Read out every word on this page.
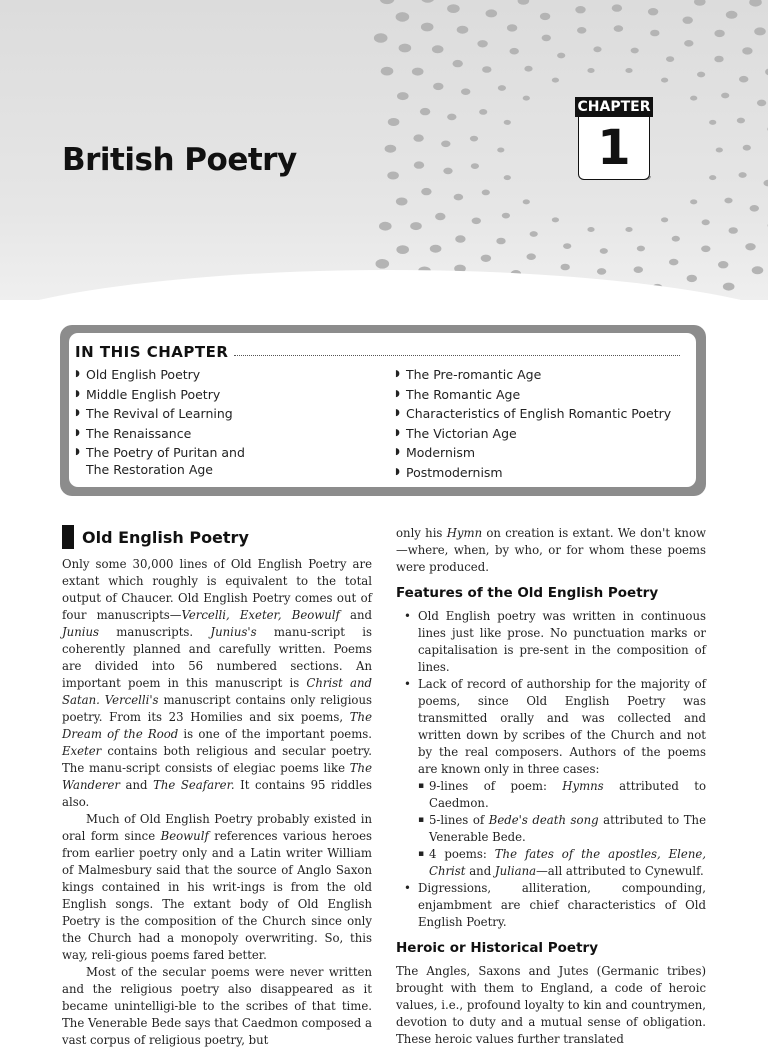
British Poetry
CHAPTER
1
IN THIS CHAPTER
◗ Old English Poetry
◗ Middle English Poetry
◗ The Revival of Learning
◗ The Renaissance
◗ The Poetry of Puritan and
The Restoration Age
◗ The Pre-romantic Age
◗ The Romantic Age
◗ Characteristics of English Romantic Poetry
◗ The Victorian Age
◗ Modernism
◗ Postmodernism
Old English Poetry

Only some 30,000 lines of Old English Poetry are extant which roughly is equivalent to the total output of Chaucer. Old English Poetry comes out of four manuscripts—Vercelli, Exeter, Beowulf and Junius manuscripts. Junius's manu-script is coherently planned and carefully written. Poems are divided into 56 numbered sections. An important poem in this manuscript is Christ and Satan. Vercelli's manuscript contains only religious poetry. From its 23 Homilies and six poems, The Dream of the Rood is one of the important poems. Exeter contains both religious and secular poetry. The manu-script consists of elegiac poems like The Wanderer and The Seafarer. It contains 95 riddles also.

Much of Old English Poetry probably existed in oral form since Beowulf references various heroes from earlier poetry only and a Latin writer William of Malmesbury said that the source of Anglo Saxon kings contained in his writ-ings is from the old English songs. The extant body of Old English Poetry is the composition of the Church since only the Church had a monopoly overwriting. So, this way, reli-gious poems fared better.

Most of the secular poems were never written and the religious poetry also disappeared as it became unintelligi-ble to the scribes of that time. The Venerable Bede says that Caedmon composed a vast corpus of religious poetry, but

only his Hymn on creation is extant. We don't know—where, when, by who, or for whom these poems were produced.

Features of the Old English Poetry
• Old English poetry was written in continuous lines just like prose. No punctuation marks or capitalisation is pre-sent in the composition of lines.
• Lack of record of authorship for the majority of poems, since Old English Poetry was transmitted orally and was collected and written down by scribes of the Church and not by the real composers. Authors of the poems are known only in three cases:
▪ 9-lines of poem: Hymns attributed to Caedmon.
▪ 5-lines of Bede's death song attributed to The Venerable Bede.
▪ 4 poems: The fates of the apostles, Elene, Christ and Juliana—all attributed to Cynewulf.
• Digressions, alliteration, compounding, enjambment are chief characteristics of Old English Poetry.
Heroic or Historical Poetry

The Angles, Saxons and Jutes (Germanic tribes) brought with them to England, a code of heroic values, i.e., profound loyalty to kin and countrymen, devotion to duty and a mutual sense of obligation. These heroic values further translated
